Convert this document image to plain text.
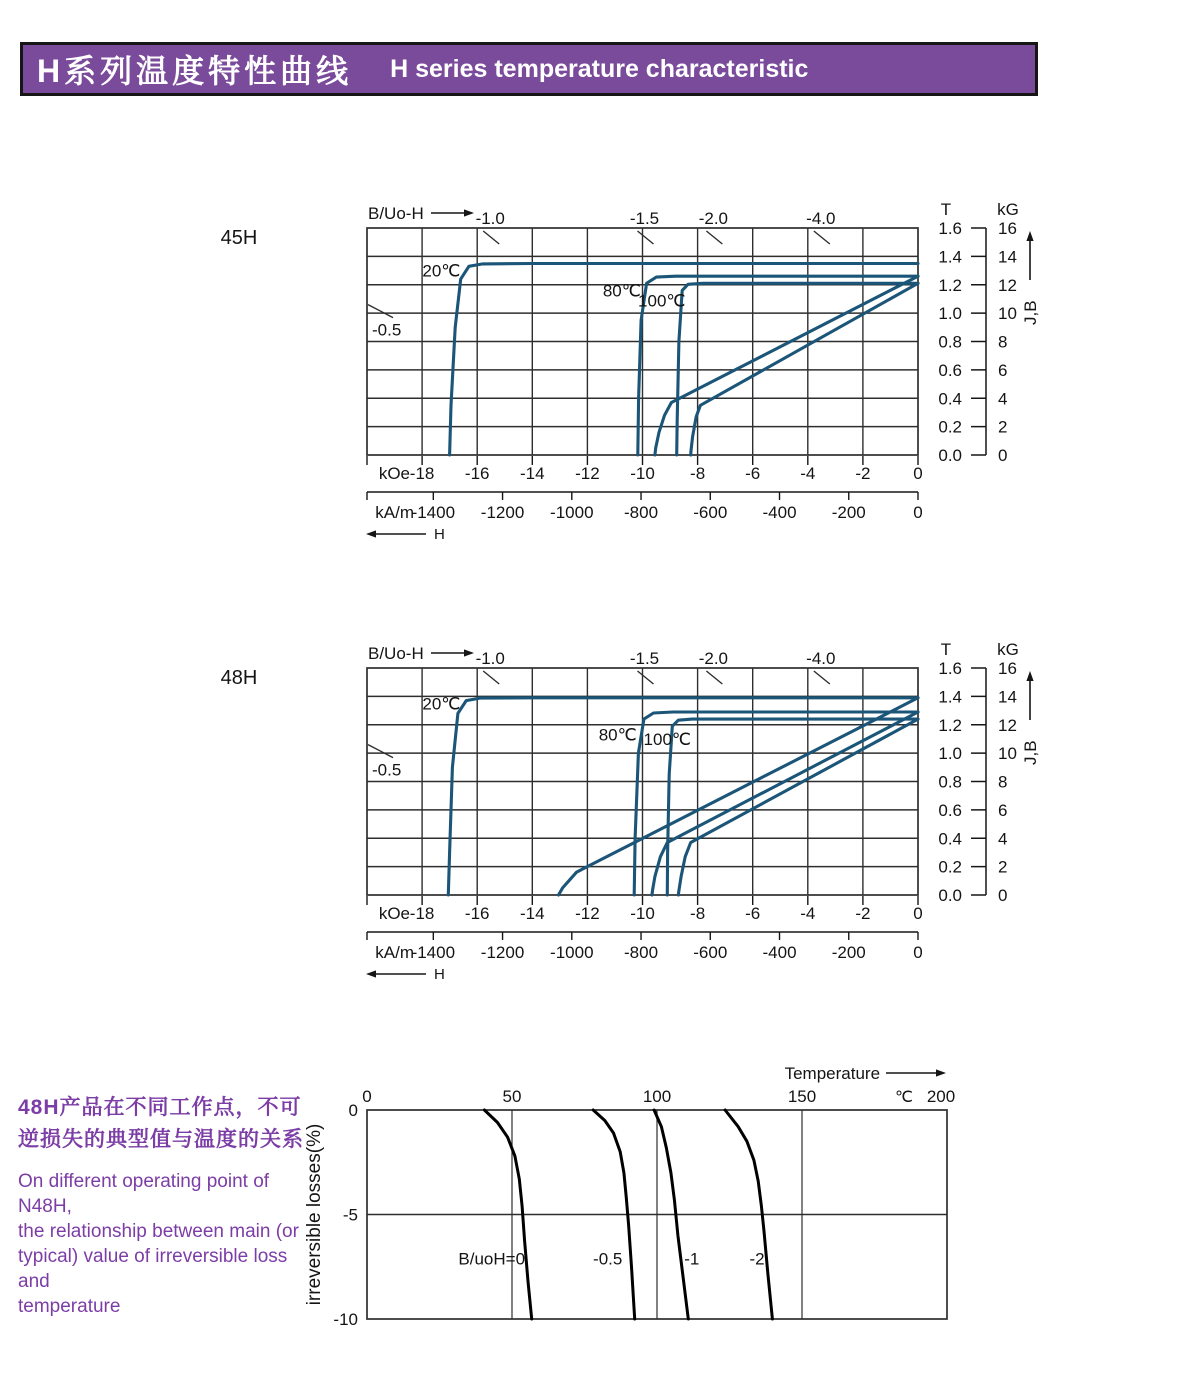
H系列温度特性曲线 H series temperature characteristic
20℃
80℃
100℃
45H
B/Uo-H	-1.0	-1.5 -2.0	-4.0
-0.5
-18 -16 -14 -12 -10 -8 -6 -4 -2	0
kOe
-1400 -1200 -1000 -800 -600 -400 -200	0
kA/m
H
1.6 16
1.4 14
1.2 12
1.0 10
0.8 8
0.6 6
0.4 4
0.2 2
0.0 0
T	kG
J,B
20℃
80℃ 100℃
48H
B/Uo-H	-1.0	-1.5 -2.0	-4.0
-0.5
-18 -16 -14 -12 -10 -8 -6 -4 -2	0
kOe
-1400 -1200 -1000 -800 -600 -400 -200	0
kA/m
H
1.6 16
1.4 14
1.2 12
1.0 10
0.8 8
0.6 6
0.4 4
0.2 2
0.0 0
T	kG
J,B
0	50	100	150	200
℃
0
-5
-10
Temperature
irreversible losses(%)	B/uoH=0	-0.5	-1	-2
48H产品在不同工作点，不可
逆损失的典型值与温度的关系
On different operating point of N48H,
the relationship between main (or
typical) value of irreversible loss and
temperature
